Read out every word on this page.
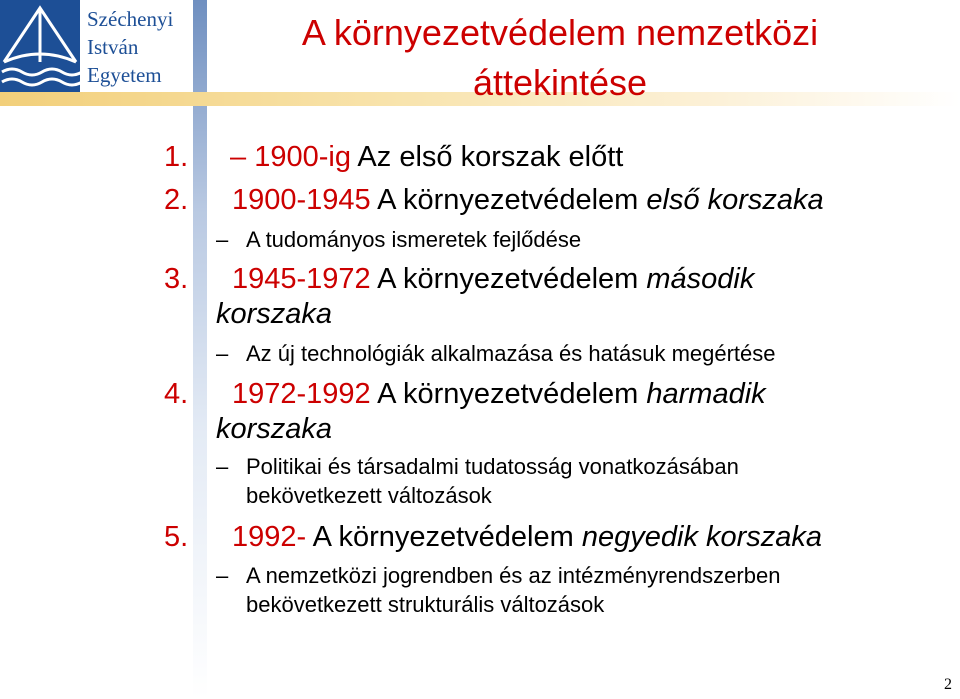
Széchenyi
István
Egyetem
A környezetvédelem nemzetközi
áttekintése
1. – 1900-ig Az első korszak előtt
2. 1900-1945 A környezetvédelem első korszaka
– A tudományos ismeretek fejlődése
3. 1945-1972 A környezetvédelem második
korszaka
– Az új technológiák alkalmazása és hatásuk megértése
4. 1972-1992 A környezetvédelem harmadik
korszaka
– Politikai és társadalmi tudatosság vonatkozásában
bekövetkezett változások
5. 1992- A környezetvédelem negyedik korszaka
– A nemzetközi jogrendben és az intézményrendszerben
bekövetkezett strukturális változások
2
